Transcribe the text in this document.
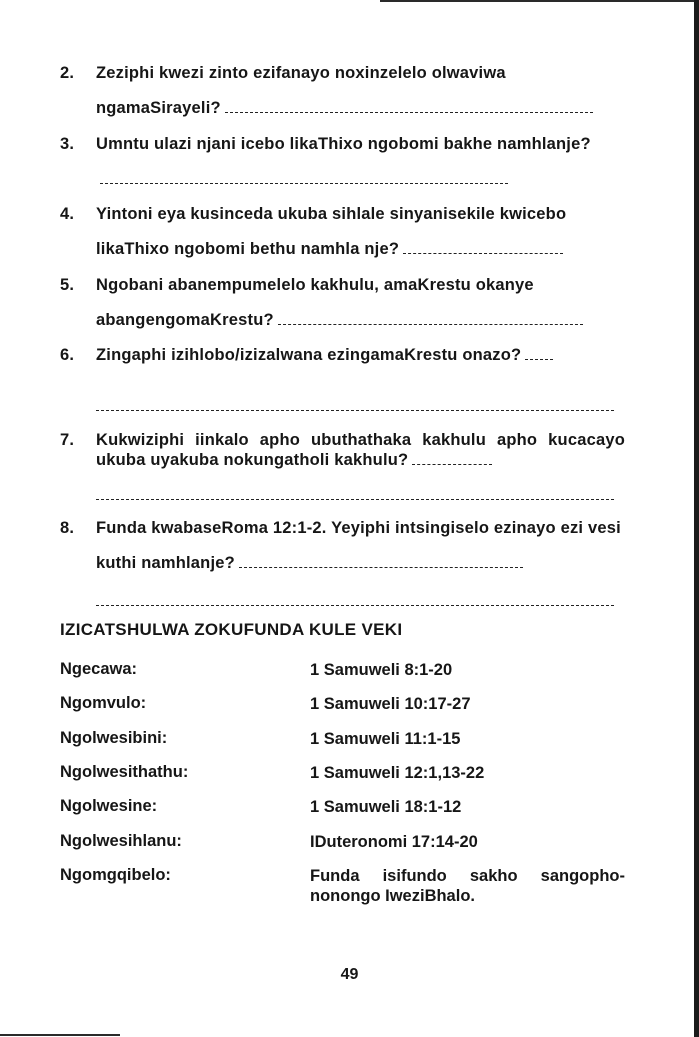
2.	Zeziphi kwezi zinto ezifanayo noxinzelelo olwaviwa ngamaSirayeli?
3.	Umntu ulazi njani icebo likaThixo ngobomi bakhe namhlanje?
4.	Yintoni eya kusinceda ukuba sihlale sinyanisekile kwicebo likaThixo ngobomi bethu namhla nje?
5.	Ngobani abanempumelelo kakhulu, amaKrestu okanye abangengomaKrestu?
6.	Zingaphi izihlobo/izizalwana ezingamaKrestu onazo?
7.	Kukwiziphi iinkalo apho ubuthathaka kakhulu apho kucacayo ukuba uyakuba nokungatholi kakhulu?
8.	Funda kwabaseRoma 12:1-2. Yeyiphi intsingiselo ezinayo ezi vesi kuthi namhlanje?
IZICATSHULWA ZOKUFUNDA KULE VEKI
Ngecawa:	1 Samuweli 8:1-20
Ngomvulo:	1 Samuweli 10:17-27
Ngolwesibini:	1 Samuweli 11:1-15
Ngolwesithathu:	1 Samuweli 12:1,13-22
Ngolwesine:	1 Samuweli 18:1-12
Ngolwesihlanu:	IDuteronomi 17:14-20
Ngomgqibelo:	Funda isifundo sakho sangopho-nonongo IweziBhalo.
49
